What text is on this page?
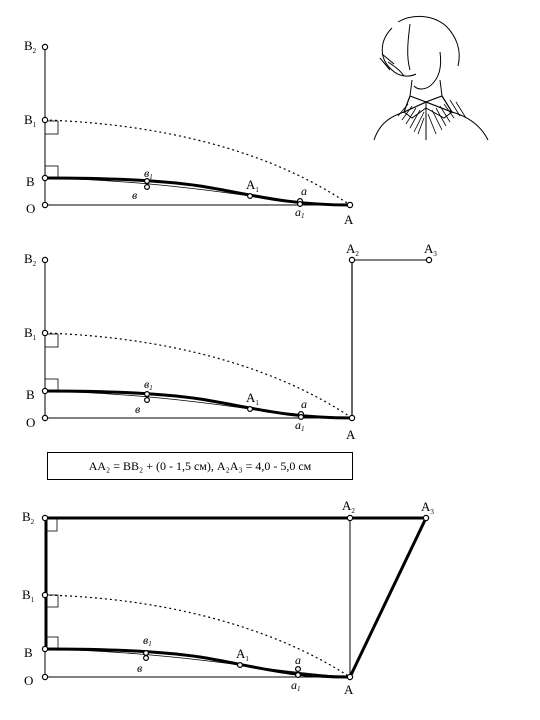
$В_2$
$В_1$
В
О
в1
в
$А_1$	а
а1	А
$В_2$
$В_1$
В
О
в1
в
$А_1$	а
а1	А
$А_2$	$А_3$
$В_2$
$В_1$
В
О
в1
в
$А_1$	а
а1	А
$А_2$	$А_3$
АА₂ = ВВ₂ + (0 - 1,5 см), А₂А₃ = 4,0 - 5,0 см
